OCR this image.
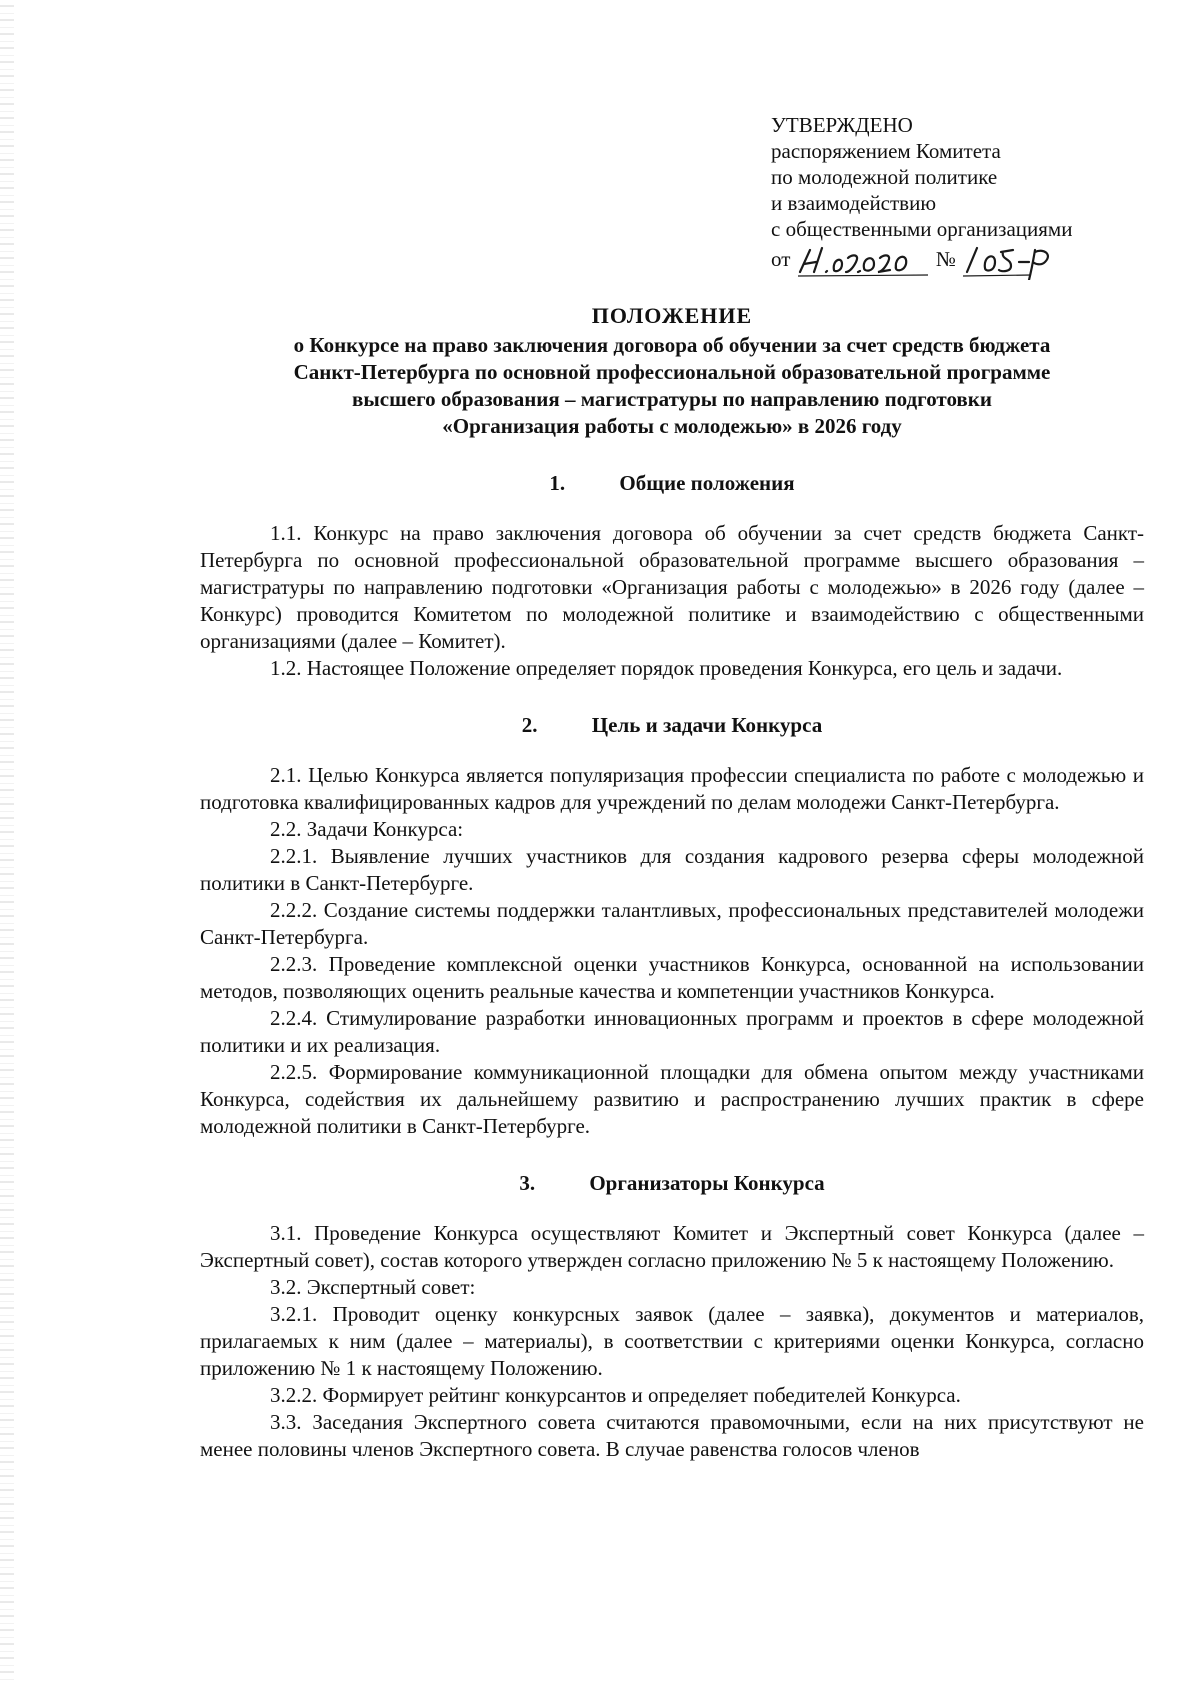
УТВЕРЖДЕНО
распоряжением Комитета
по молодежной политике
и взаимодействию
с общественными организациями
от	№
ПОЛОЖЕНИЕ
о Конкурсе на право заключения договора об обучении за счет средств бюджета
Санкт-Петербурга по основной профессиональной образовательной программе
высшего образования – магистратуры по направлению подготовки
«Организация работы с молодежью» в 2026 году
1.	Общие положения

1.1. Конкурс на право заключения договора об обучении за счет средств бюджета Санкт-Петербурга по основной профессиональной образовательной программе высшего образования – магистратуры по направлению подготовки «Организация работы с молодежью» в 2026 году (далее – Конкурс) проводится Комитетом по молодежной политике и взаимодействию с общественными организациями (далее – Комитет).

1.2. Настоящее Положение определяет порядок проведения Конкурса, его цель и задачи.

2.	Цель и задачи Конкурса

2.1. Целью Конкурса является популяризация профессии специалиста по работе с молодежью и подготовка квалифицированных кадров для учреждений по делам молодежи Санкт-Петербурга.

2.2. Задачи Конкурса:

2.2.1. Выявление лучших участников для создания кадрового резерва сферы молодежной политики в Санкт-Петербурге.

2.2.2. Создание системы поддержки талантливых, профессиональных представителей молодежи Санкт-Петербурга.

2.2.3. Проведение комплексной оценки участников Конкурса, основанной на использовании методов, позволяющих оценить реальные качества и компетенции участников Конкурса.

2.2.4. Стимулирование разработки инновационных программ и проектов в сфере молодежной политики и их реализация.

2.2.5. Формирование коммуникационной площадки для обмена опытом между участниками Конкурса, содействия их дальнейшему развитию и распространению лучших практик в сфере молодежной политики в Санкт-Петербурге.

3.	Организаторы Конкурса

3.1. Проведение Конкурса осуществляют Комитет и Экспертный совет Конкурса (далее – Экспертный совет), состав которого утвержден согласно приложению № 5 к настоящему Положению.

3.2. Экспертный совет:

3.2.1. Проводит оценку конкурсных заявок (далее – заявка), документов и материалов, прилагаемых к ним (далее – материалы), в соответствии с критериями оценки Конкурса, согласно приложению № 1 к настоящему Положению.

3.2.2. Формирует рейтинг конкурсантов и определяет победителей Конкурса.

3.3. Заседания Экспертного совета считаются правомочными, если на них присутствуют не менее половины членов Экспертного совета. В случае равенства голосов членов
